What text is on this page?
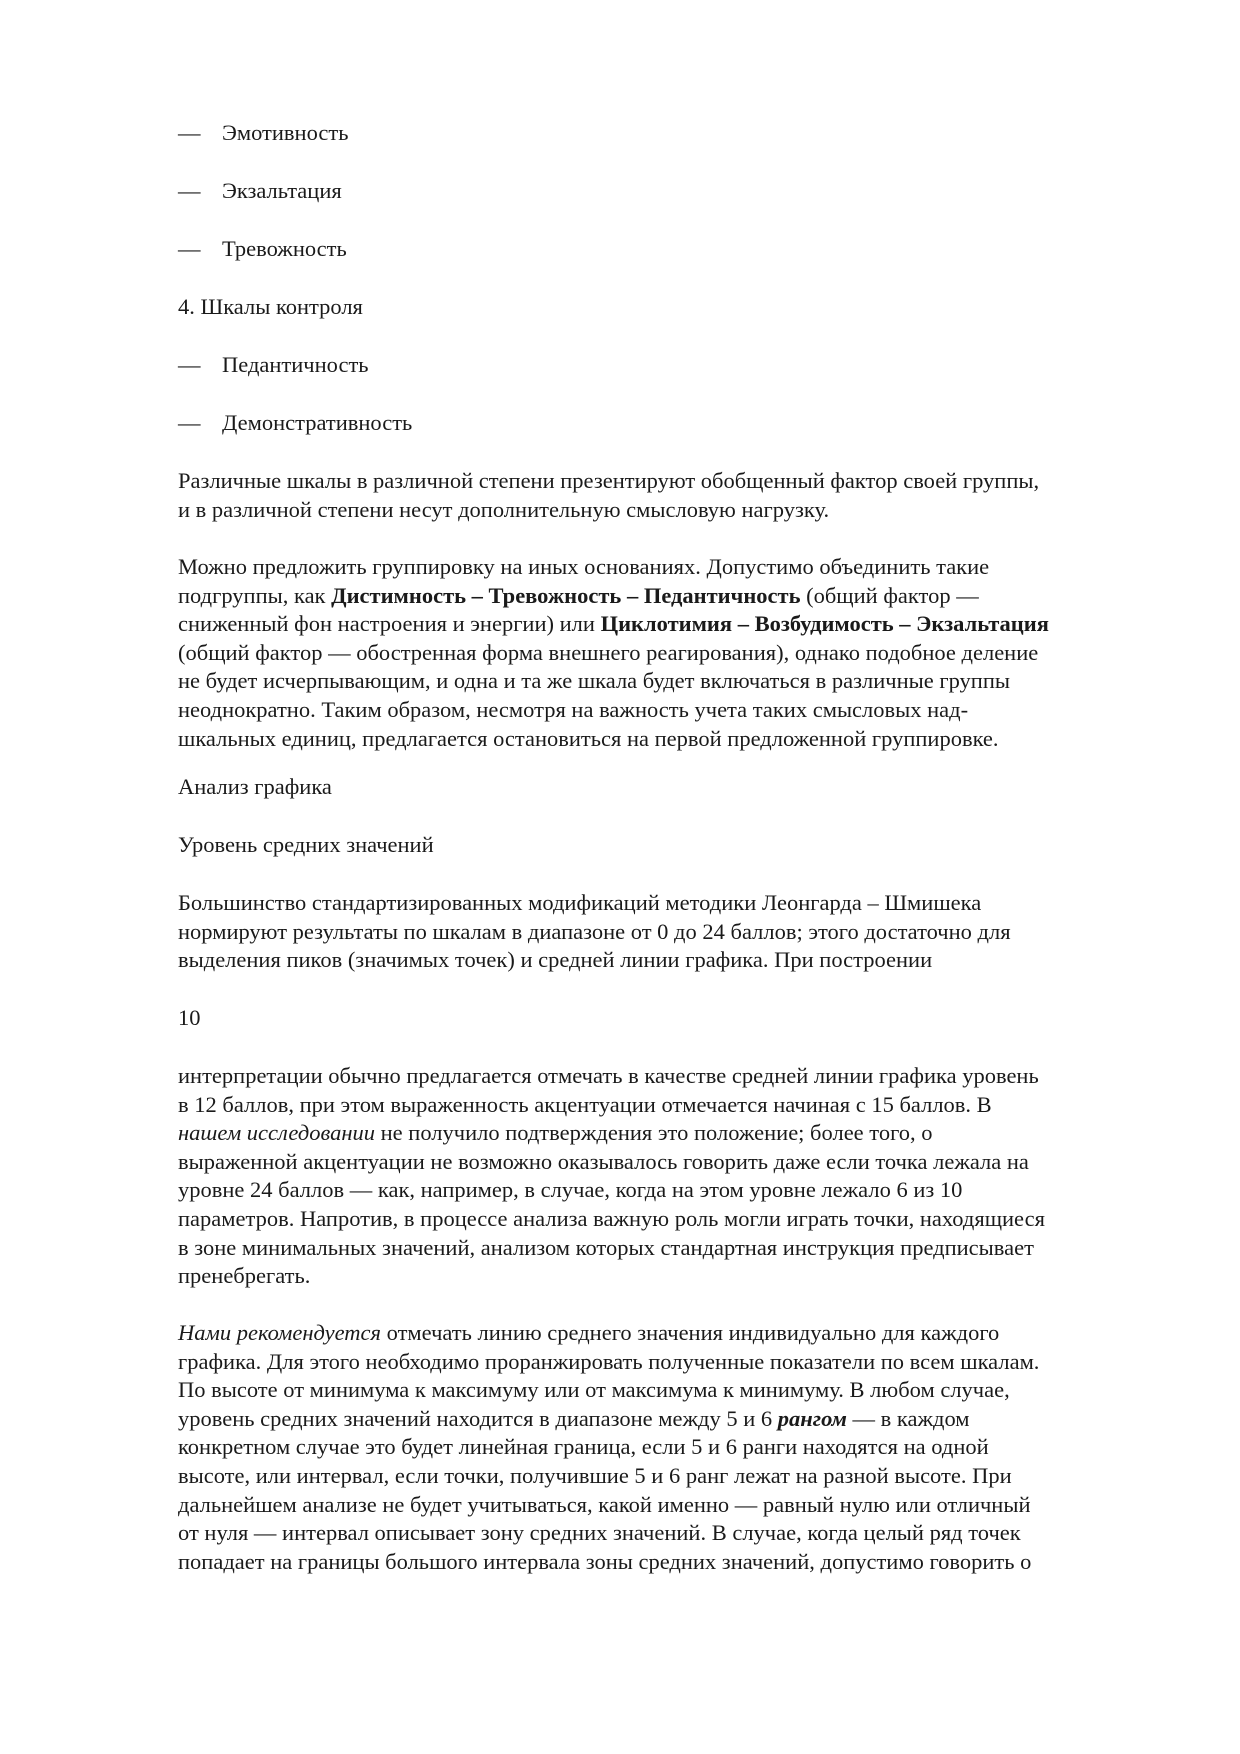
— Эмотивность
— Экзальтация
— Тревожность
4. Шкалы контроля
— Педантичность
— Демонстративность
Различные шкалы в различной степени презентируют обобщенный фактор своей группы,
и в различной степени несут дополнительную смысловую нагрузку.
Можно предложить группировку на иных основаниях. Допустимо объединить такие
подгруппы, как Дистимность – Тревожность – Педантичность (общий фактор —
сниженный фон настроения и энергии) или Циклотимия – Возбудимость – Экзальтация
(общий фактор — обостренная форма внешнего реагирования), однако подобное деление
не будет исчерпывающим, и одна и та же шкала будет включаться в различные группы
неоднократно. Таким образом, несмотря на важность учета таких смысловых над-
шкальных единиц, предлагается остановиться на первой предложенной группировке.
Анализ графика
Уровень средних значений
Большинство стандартизированных модификаций методики Леонгарда – Шмишека
нормируют результаты по шкалам в диапазоне от 0 до 24 баллов; этого достаточно для
выделения пиков (значимых точек) и средней линии графика. При построении
10
интерпретации обычно предлагается отмечать в качестве средней линии графика уровень
в 12 баллов, при этом выраженность акцентуации отмечается начиная с 15 баллов. В
нашем исследовании не получило подтверждения это положение; более того, о
выраженной акцентуации не возможно оказывалось говорить даже если точка лежала на
уровне 24 баллов — как, например, в случае, когда на этом уровне лежало 6 из 10
параметров. Напротив, в процессе анализа важную роль могли играть точки, находящиеся
в зоне минимальных значений, анализом которых стандартная инструкция предписывает
пренебрегать.
Нами рекомендуется отмечать линию среднего значения индивидуально для каждого
графика. Для этого необходимо проранжировать полученные показатели по всем шкалам.
По высоте от минимума к максимуму или от максимума к минимуму. В любом случае,
уровень средних значений находится в диапазоне между 5 и 6 рангом — в каждом
конкретном случае это будет линейная граница, если 5 и 6 ранги находятся на одной
высоте, или интервал, если точки, получившие 5 и 6 ранг лежат на разной высоте. При
дальнейшем анализе не будет учитываться, какой именно — равный нулю или отличный
от нуля — интервал описывает зону средних значений. В случае, когда целый ряд точек
попадает на границы большого интервала зоны средних значений, допустимо говорить о
